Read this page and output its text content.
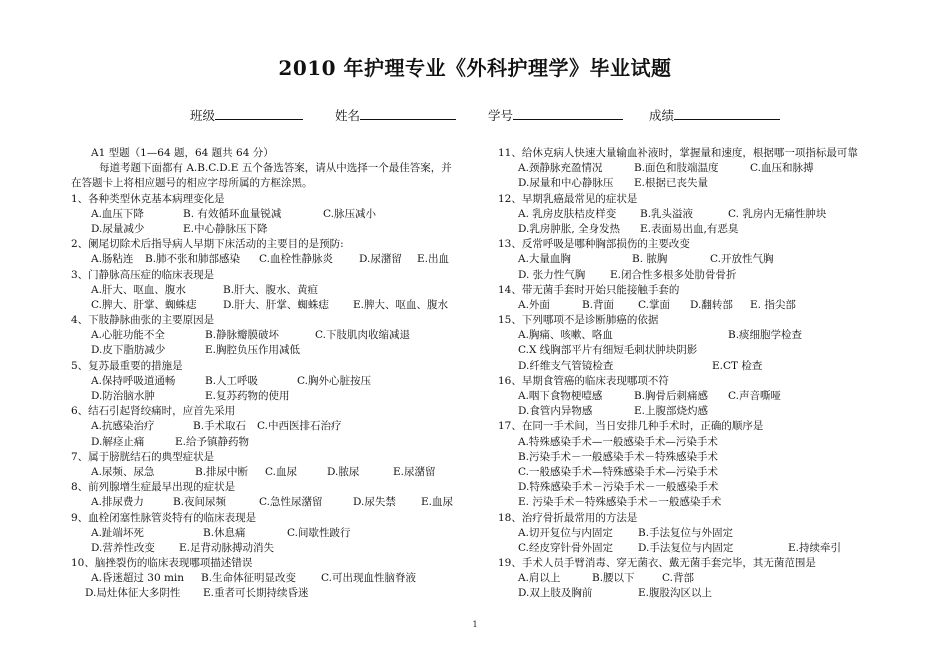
2010 年护理专业《外科护理学》毕业试题
班级	姓名	学号	成绩
A1 型题（1—64 题，64 题共 64 分）
每道考题下面都有 A.B.C.D.E 五个备选答案，请从中选择一个最佳答案，并
在答题卡上将相应题号的相应字母所属的方框涂黑。
1、各种类型休克基本病理变化是
A.血压下降	B. 有效循环血量锐减	C.脉压减小
D.尿量减少	E.中心静脉压下降
2、阑尾切除术后指导病人早期下床活动的主要目的是预防:
A.肠粘连 B.肺不张和肺部感染 C.血栓性静脉炎 D.尿潴留 E.出血
3、门静脉高压症的临床表现是
A.肝大、呕血、腹水	B.肝大、腹水、黄疸
C.脾大、肝掌、蜘蛛痣	D.肝大、肝掌、蜘蛛痣 E.脾大、呕血、腹水
4、下肢静脉曲张的主要原因是
A.心脏功能不全	B.静脉瓣膜破坏	C.下肢肌肉收缩减退
D.皮下脂肪减少	E.胸腔负压作用减低
5、复苏最重要的措施是
A.保持呼吸道通畅	B.人工呼吸	C.胸外心脏按压
D.防治脑水肿	E.复苏药物的使用
6、结石引起肾绞痛时，应首先采用
A.抗感染治疗	B.手术取石 C.中西医排石治疗
D.解痉止痛	E.给予镇静药物
7、属于膀胱结石的典型症状是
A.尿频、尿急	B.排尿中断 C.血尿	D.脓尿	E.尿潴留
8、前列腺增生症最早出现的症状是
A.排尿费力	B.夜间尿频	C.急性尿潴留	D.尿失禁 E.血尿
9、血栓闭塞性脉管炎特有的临床表现是
A.趾端坏死	B.休息痛	C.间歇性跛行
D.营养性改变 E.足背动脉搏动消失
10、脑挫裂伤的临床表现哪项描述错误
A.昏迷超过 30 min B.生命体征明显改变 C.可出现血性脑脊液
D.局灶体征大多阴性 E.重者可长期持续昏迷
11、给休克病人快速大量输血补液时，掌握量和速度，根据哪一项指标最可靠
A.颈静脉充盈情况	B.面色和肢端温度	C.血压和脉搏
D.尿量和中心静脉压 E.根据已丧失量
12、早期乳癌最常见的症状是
A. 乳房皮肤桔皮样变 B.乳头溢液	C. 乳房内无痛性肿块
D.乳房肿胀, 全身发热 E.表面易出血,有恶臭
13、反常呼吸是哪种胸部损伤的主要改变
A.大量血胸	B. 脓胸	C.开放性气胸
D. 张力性气胸 E.闭合性多根多处肋骨骨折
14、带无菌手套时开始只能接触手套的
A.外面	B.背面 C.掌面 D.翻转部 E. 指尖部
15、下列哪项不是诊断肺癌的依据
A.胸痛、咳嗽、咯血	B.痰细胞学检查
C.X 线胸部平片有细短毛刺状肿块阴影
D.纤维支气管镜检查	E.CT 检查
16、早期食管癌的临床表现哪项不符
A.咽下食物梗噎感	B.胸骨后刺痛感 C.声音嘶哑
D.食管内异物感	E.上腹部烧灼感
17、在同一手术间，当日安排几种手术时，正确的顺序是
A.特殊感染手术—一般感染手术—污染手术
B.污染手术－一般感染手术－特殊感染手术
C.一般感染手术—特殊感染手术—污染手术
D.特殊感染手术－污染手术－一般感染手术
E. 污染手术－特殊感染手术－一般感染手术
18、治疗骨折最常用的方法是
A.切开复位与内固定 B.手法复位与外固定
C.经皮穿针骨外固定 D.手法复位与内固定	E.持续牵引
19、手术人员手臂消毒、穿无菌衣、戴无菌手套完毕，其无菌范围是
A.肩以上	B.腰以下	C.背部
D.双上肢及胸前	E.腹股沟区以上
1
